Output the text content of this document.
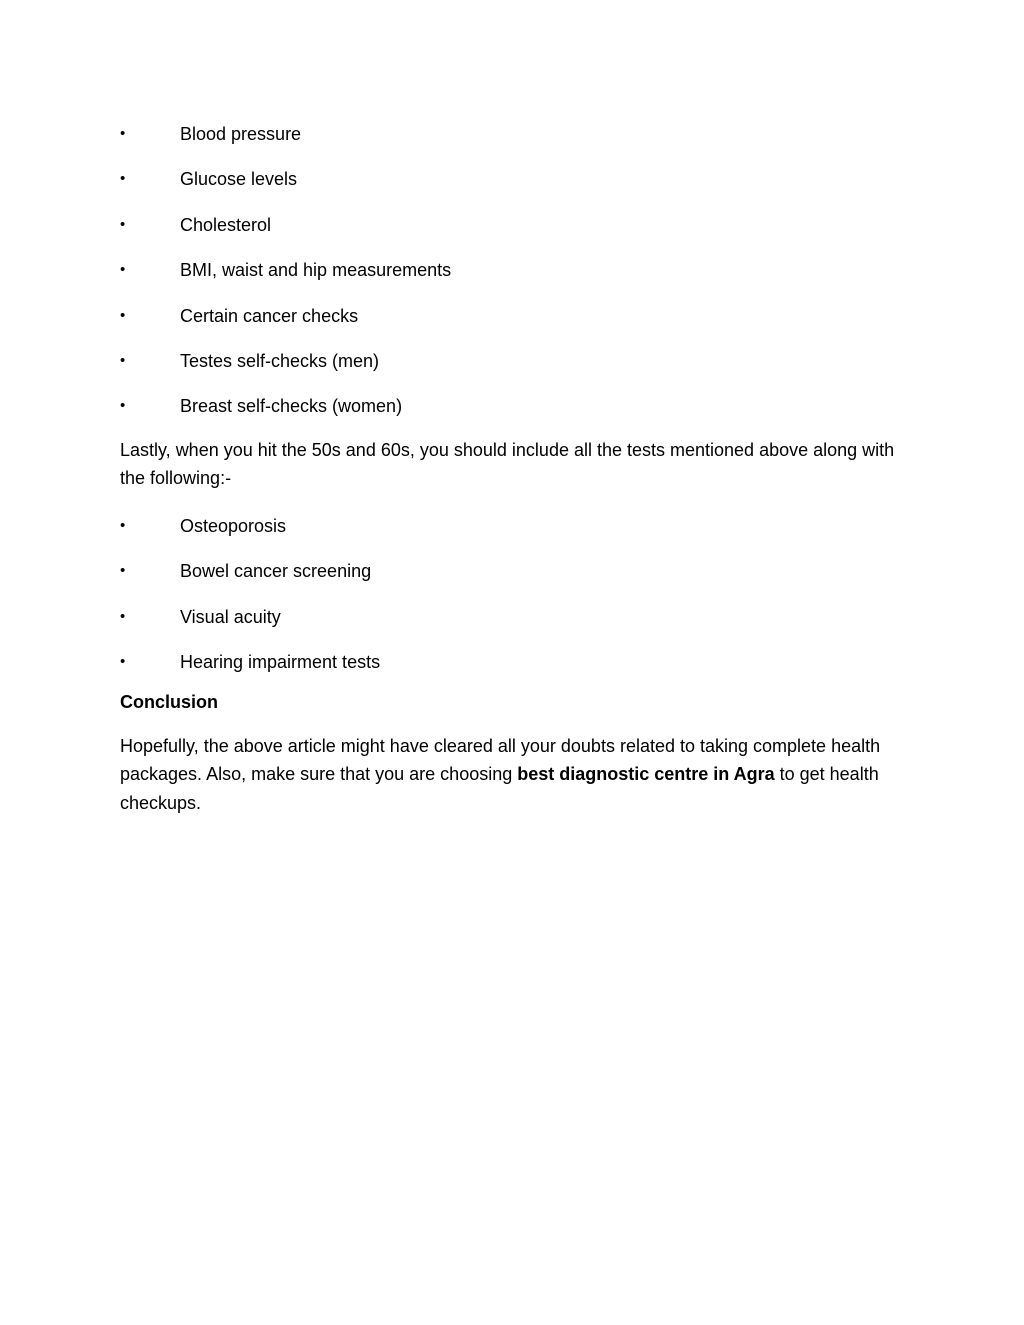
•	Blood pressure
•	Glucose levels
•	Cholesterol
•	BMI, waist and hip measurements
•	Certain cancer checks
•	Testes self-checks (men)
•	Breast self-checks (women)

Lastly, when you hit the 50s and 60s, you should include all the tests mentioned above along with the following:-

•	Osteoporosis
•	Bowel cancer screening
•	Visual acuity
•	Hearing impairment tests
Conclusion

Hopefully, the above article might have cleared all your doubts related to taking complete health packages. Also, make sure that you are choosing best diagnostic centre in Agra to get health checkups.
